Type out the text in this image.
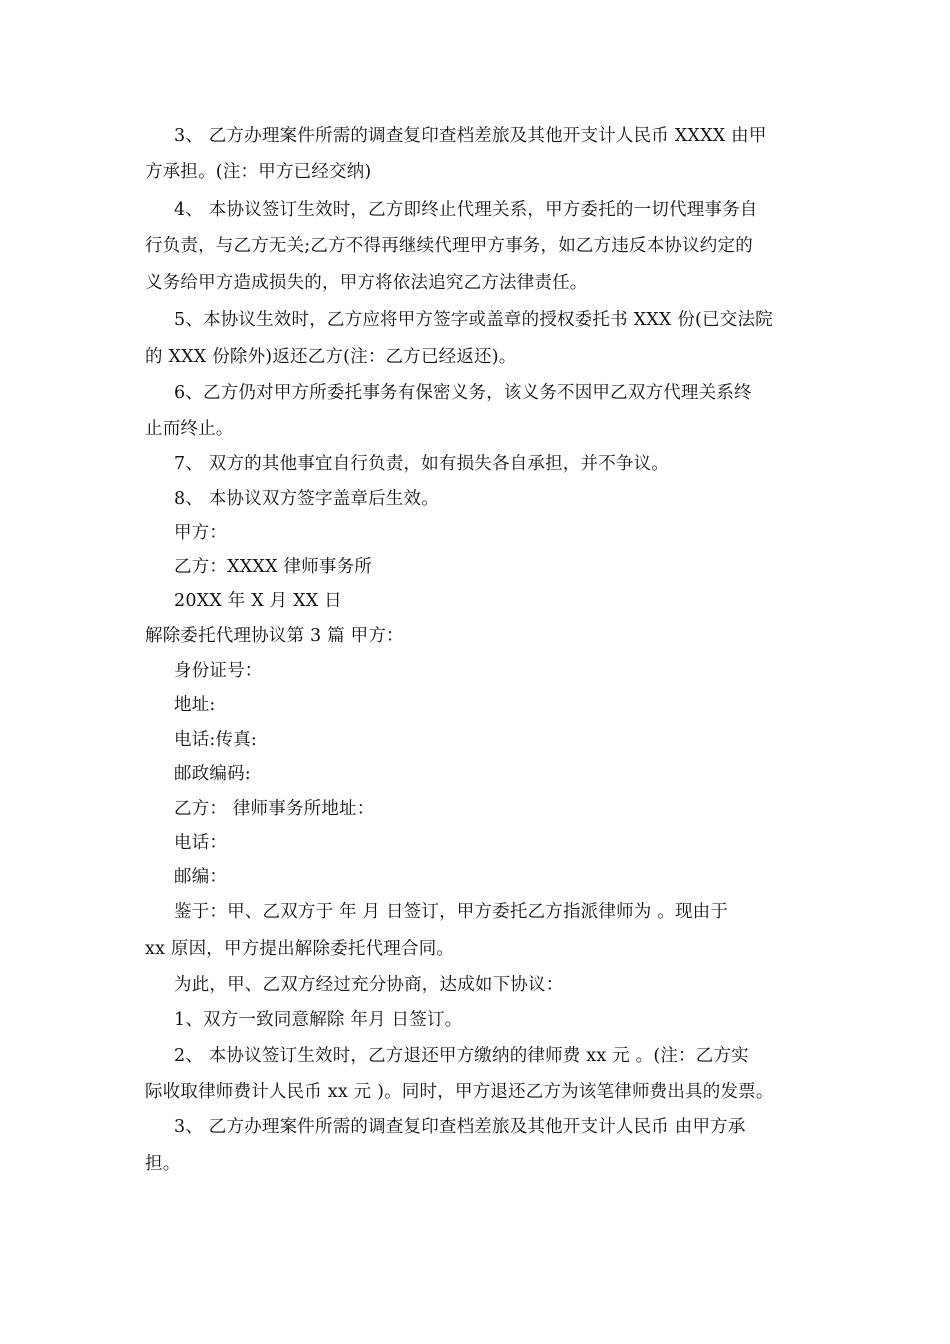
3、 乙方办理案件所需的调查复印查档差旅及其他开支计人民币 XXXX 由甲

方承担。(注：甲方已经交纳)

4、 本协议签订生效时，乙方即终止代理关系，甲方委托的一切代理事务自

行负责，与乙方无关;乙方不得再继续代理甲方事务，如乙方违反本协议约定的

义务给甲方造成损失的，甲方将依法追究乙方法律责任。

5、本协议生效时，乙方应将甲方签字或盖章的授权委托书 XXX 份(已交法院

的 XXX 份除外)返还乙方(注：乙方已经返还)。

6、乙方仍对甲方所委托事务有保密义务，该义务不因甲乙双方代理关系终

止而终止。

7、 双方的其他事宜自行负责，如有损失各自承担，并不争议。

8、 本协议双方签字盖章后生效。

甲方：

乙方：XXXX 律师事务所

20XX 年 X 月 XX 日

解除委托代理协议第 3 篇 甲方：

身份证号：

地址:

电话:传真:

邮政编码:

乙方： 律师事务所地址：

电话：

邮编：

鉴于：甲、乙双方于 年 月 日签订，甲方委托乙方指派律师为 。现由于

xx 原因，甲方提出解除委托代理合同。

为此，甲、乙双方经过充分协商，达成如下协议：

1、双方一致同意解除 年月 日签订。

2、 本协议签订生效时，乙方退还甲方缴纳的律师费 xx 元 。(注：乙方实

际收取律师费计人民币 xx 元 )。同时，甲方退还乙方为该笔律师费出具的发票。

3、 乙方办理案件所需的调查复印查档差旅及其他开支计人民币 由甲方承

担。
